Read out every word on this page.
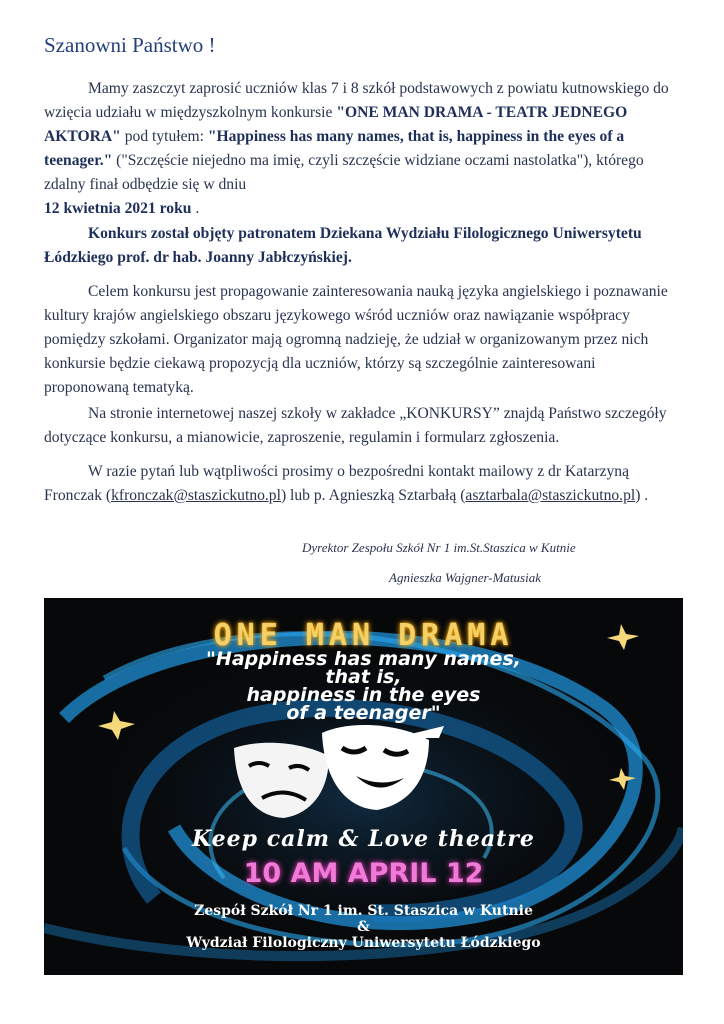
Szanowni Państwo !
Mamy zaszczyt zaprosić uczniów klas 7 i 8 szkół podstawowych z powiatu kutnowskiego do wzięcia udziału w międzyszkolnym konkursie "ONE MAN DRAMA - TEATR JEDNEGO AKTORA" pod tytułem: "Happiness has many names, that is, happiness in the eyes of a teenager." ("Szczęście niejedno ma imię, czyli szczęście widziane oczami nastolatka"), którego zdalny finał odbędzie się w dniu
12 kwietnia 2021 roku .
Konkurs został objęty patronatem Dziekana Wydziału Filologicznego Uniwersytetu Łódzkiego prof. dr hab. Joanny Jabłczyńskiej.
Celem konkursu jest propagowanie zainteresowania nauką języka angielskiego i poznawanie kultury krajów angielskiego obszaru językowego wśród uczniów oraz nawiązanie współpracy pomiędzy szkołami. Organizator mają ogromną nadzieję, że udział w organizowanym przez nich konkursie będzie ciekawą propozycją dla uczniów, którzy są szczególnie zainteresowani proponowaną tematyką.
Na stronie internetowej naszej szkoły w zakładce „KONKURSY” znajdą Państwo szczegóły dotyczące konkursu, a mianowicie, zaproszenie, regulamin i formularz zgłoszenia.
W razie pytań lub wątpliwości prosimy o bezpośredni kontakt mailowy z dr Katarzyną Fronczak (kfronczak@staszickutno.pl) lub p. Agnieszką Sztarbałą (asztarbala@staszickutno.pl) .
Dyrektor Zespołu Szkół Nr 1 im.St.Staszica w Kutnie
Agnieszka Wajgner-Matusiak
ONE MAN DRAMA
"Happiness has many names,
that is,
happiness in the eyes
of a teenager"
Keep calm & Love theatre
10 AM APRIL 12
Zespół Szkół Nr 1 im. St. Staszica w Kutnie
&
Wydział Filologiczny Uniwersytetu Łódzkiego
